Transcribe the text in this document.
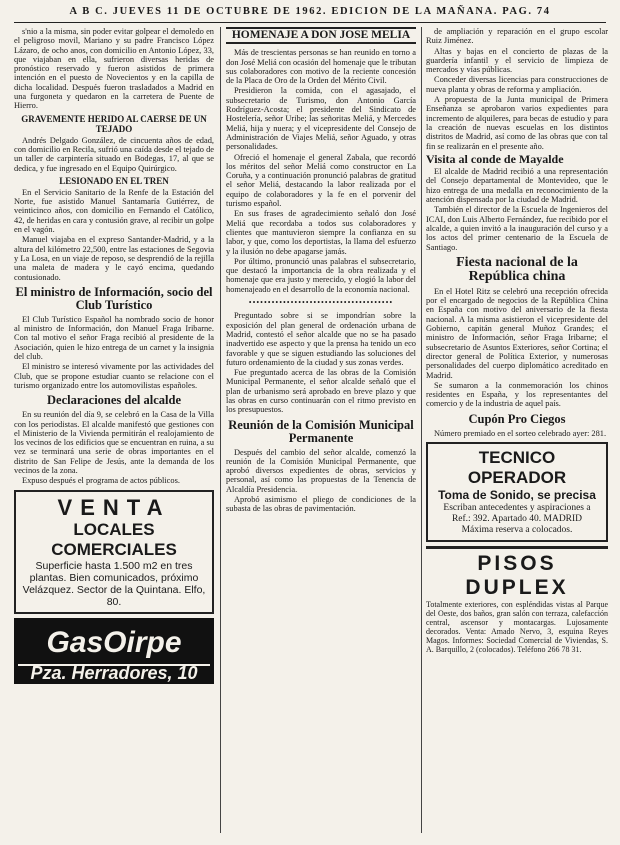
A B C. JUEVES 11 DE OCTUBRE DE 1962. EDICION DE LA MAÑANA. PAG. 74

s'nio a la misma, sin poder evitar golpear el demoledo en el peligroso movil, Mariano y su padre Francisco López Lázaro, de ocho anos, con domicilio en Antonio López, 33, que viajaban en ella, sufrieron diversas heridas de pronóstico reservado y fueron asistidos de primera intención en el puesto de Novecientos y en la capilla de dicha localidad. Después fueron trasladados a Madrid en una furgoneta y quedaron en la carretera de Puente de Hierro.

GRAVEMENTE HERIDO AL CAERSE DE UN TEJADO

Andrés Delgado González, de cincuenta años de edad, con domicilio en Recila, sufrió una caída desde el tejado de un taller de carpintería situado en Bodegas, 17, al que se dedica, y fue ingresado en el Equipo Quirúrgico.

LESIONADO EN EL TREN

En el Servicio Sanitario de la Renfe de la Estación del Norte, fue asistido Manuel Santamaría Gutiérrez, de veinticinco años, con domicilio en Fernando el Católico, 42, de heridas en cara y contusión grave, al recibir un golpe en el vagón.

Manuel viajaba en el expreso Santander-Madrid, y a la altura del kilómetro 22,500, entre las estaciones de Segovia y La Losa, en un viaje de reposo, se desprendió de la rejilla una maleta de madera y le cayó encima, quedando contusionado.

El ministro de Información, socio del Club Turístico

El Club Turístico Español ha nombrado socio de honor al ministro de Información, don Manuel Fraga Iribarne. Con tal motivo el señor Fraga recibió al presidente de la Asociación, quien le hizo entrega de un carnet y la insignia del club.

El ministro se interesó vivamente por las actividades del Club, que se propone estudiar cuanto se relacione con el turismo organizado entre los automovilistas españoles.

Declaraciones del alcalde

En su reunión del día 9, se celebró en la Casa de la Villa con los periodistas. El alcalde manifestó que gestiones con el Ministerio de la Vivienda permitirán el realojamiento de los vecinos de los edificios que se encuentran en ruina, a su vez se terminará una serie de obras importantes en el distrito de San Felipe de Jesús, ante la demanda de los vecinos de la zona.

Expuso después el programa de actos públicos.

VENTA
LOCALES COMERCIALES
Superficie hasta 1.500 m2 en tres plantas. Bien comunicados, próximo Velázquez. Sector de la Quintana. Elfo, 80.
GasOirpe
Pza. Herradores, 10
HOMENAJE A DON JOSE MELIA

Más de trescientas personas se han reunido en torno a don José Meliá con ocasión del homenaje que le tributan sus colaboradores con motivo de la reciente concesión de la Placa de Oro de la Orden del Mérito Civil.

Presidieron la comida, con el agasajado, el subsecretario de Turismo, don Antonio García Rodríguez-Acosta; el presidente del Sindicato de Hostelería, señor Uribe; las señoritas Meliá, y Mercedes Meliá, hija y nuera; y el vicepresidente del Consejo de Administración de Viajes Meliá, señor Aguado, y otras personalidades.

Ofreció el homenaje el general Zabala, que recordó los méritos del señor Meliá como constructor en La Coruña, y a continuación pronunció palabras de gratitud el señor Meliá, destacando la labor realizada por el equipo de colaboradores y la fe en el porvenir del turismo español.

En sus frases de agradecimiento señaló don José Meliá que recordaba a todos sus colaboradores y clientes que mantuvieron siempre la confianza en su labor, y que, como los deportistas, la llama del esfuerzo y la ilusión no debe apagarse jamás.

Por último, pronunció unas palabras el subsecretario, que destacó la importancia de la obra realizada y el homenaje que era justo y merecido, y elogió la labor del homenajeado en el desarrollo de la economía nacional.

••••••••••••••••••••••••••••••••••••••

Preguntado sobre si se impondrían sobre la exposición del plan general de ordenación urbana de Madrid, contestó el señor alcalde que no se ha pasado inadvertido ese aspecto y que la prensa ha tenido un eco favorable y que se siguen estudiando las soluciones del futuro ordenamiento de la ciudad y sus zonas verdes.

Fue preguntado acerca de las obras de la Comisión Municipal Permanente, el señor alcalde señaló que el plan de urbanismo será aprobado en breve plazo y que las obras en curso continuarán con el ritmo previsto en los presupuestos.

Reunión de la Comisión Municipal Permanente

Después del cambio del señor alcalde, comenzó la reunión de la Comisión Municipal Permanente, que aprobó diversos expedientes de obras, servicios y personal, así como las propuestas de la Tenencia de Alcaldía Presidencia.

Aprobó asimismo el pliego de condiciones de la subasta de las obras de pavimentación.

de ampliación y reparación en el grupo escolar Ruiz Jiménez.

Altas y bajas en el concierto de plazas de la guardería infantil y el servicio de limpieza de mercados y vías públicas.

Conceder diversas licencias para construcciones de nueva planta y obras de reforma y ampliación.

A propuesta de la Junta municipal de Primera Enseñanza se aprobaron varios expedientes para incremento de alquileres, para becas de estudio y para la creación de nuevas escuelas en los distintos distritos de Madrid, así como de las obras que con tal fin se realizarán en el presente año.

Visita al conde de Mayalde

El alcalde de Madrid recibió a una representación del Consejo departamental de Montevideo, que le hizo entrega de una medalla en reconocimiento de la atención dispensada por la ciudad de Madrid.

También el director de la Escuela de Ingenieros del ICAI, don Luis Alberto Fernández, fue recibido por el alcalde, a quien invitó a la inauguración del curso y a los actos del primer centenario de la Escuela de Santiago.

Fiesta nacional de la República china

En el Hotel Ritz se celebró una recepción ofrecida por el encargado de negocios de la República China en España con motivo del aniversario de la fiesta nacional. A la misma asistieron el vicepresidente del Gobierno, capitán general Muñoz Grandes; el ministro de Información, señor Fraga Iribarne; el subsecretario de Asuntos Exteriores, señor Cortina; el director general de Política Exterior, y numerosas personalidades del cuerpo diplomático acreditado en Madrid.

Se sumaron a la conmemoración los chinos residentes en España, y los representantes del comercio y de la industria de aquel país.

Cupón Pro Ciegos

Número premiado en el sorteo celebrado ayer: 281.

TECNICO OPERADOR
Toma de Sonido, se precisa
Escriban antecedentes y aspiraciones a Ref.: 392. Apartado 40. MADRID
Máxima reserva a colocados.
PISOS DUPLEX
Totalmente exteriores, con espléndidas vistas al Parque del Oeste, dos baños, gran salón con terraza, calefacción central, ascensor y montacargas. Lujosamente decorados. Venta: Amado Nervo, 3, esquina Reyes Magos. Informes: Sociedad Comercial de Viviendas, S. A. Barquillo, 2 (colocados). Teléfono 266 78 31.
